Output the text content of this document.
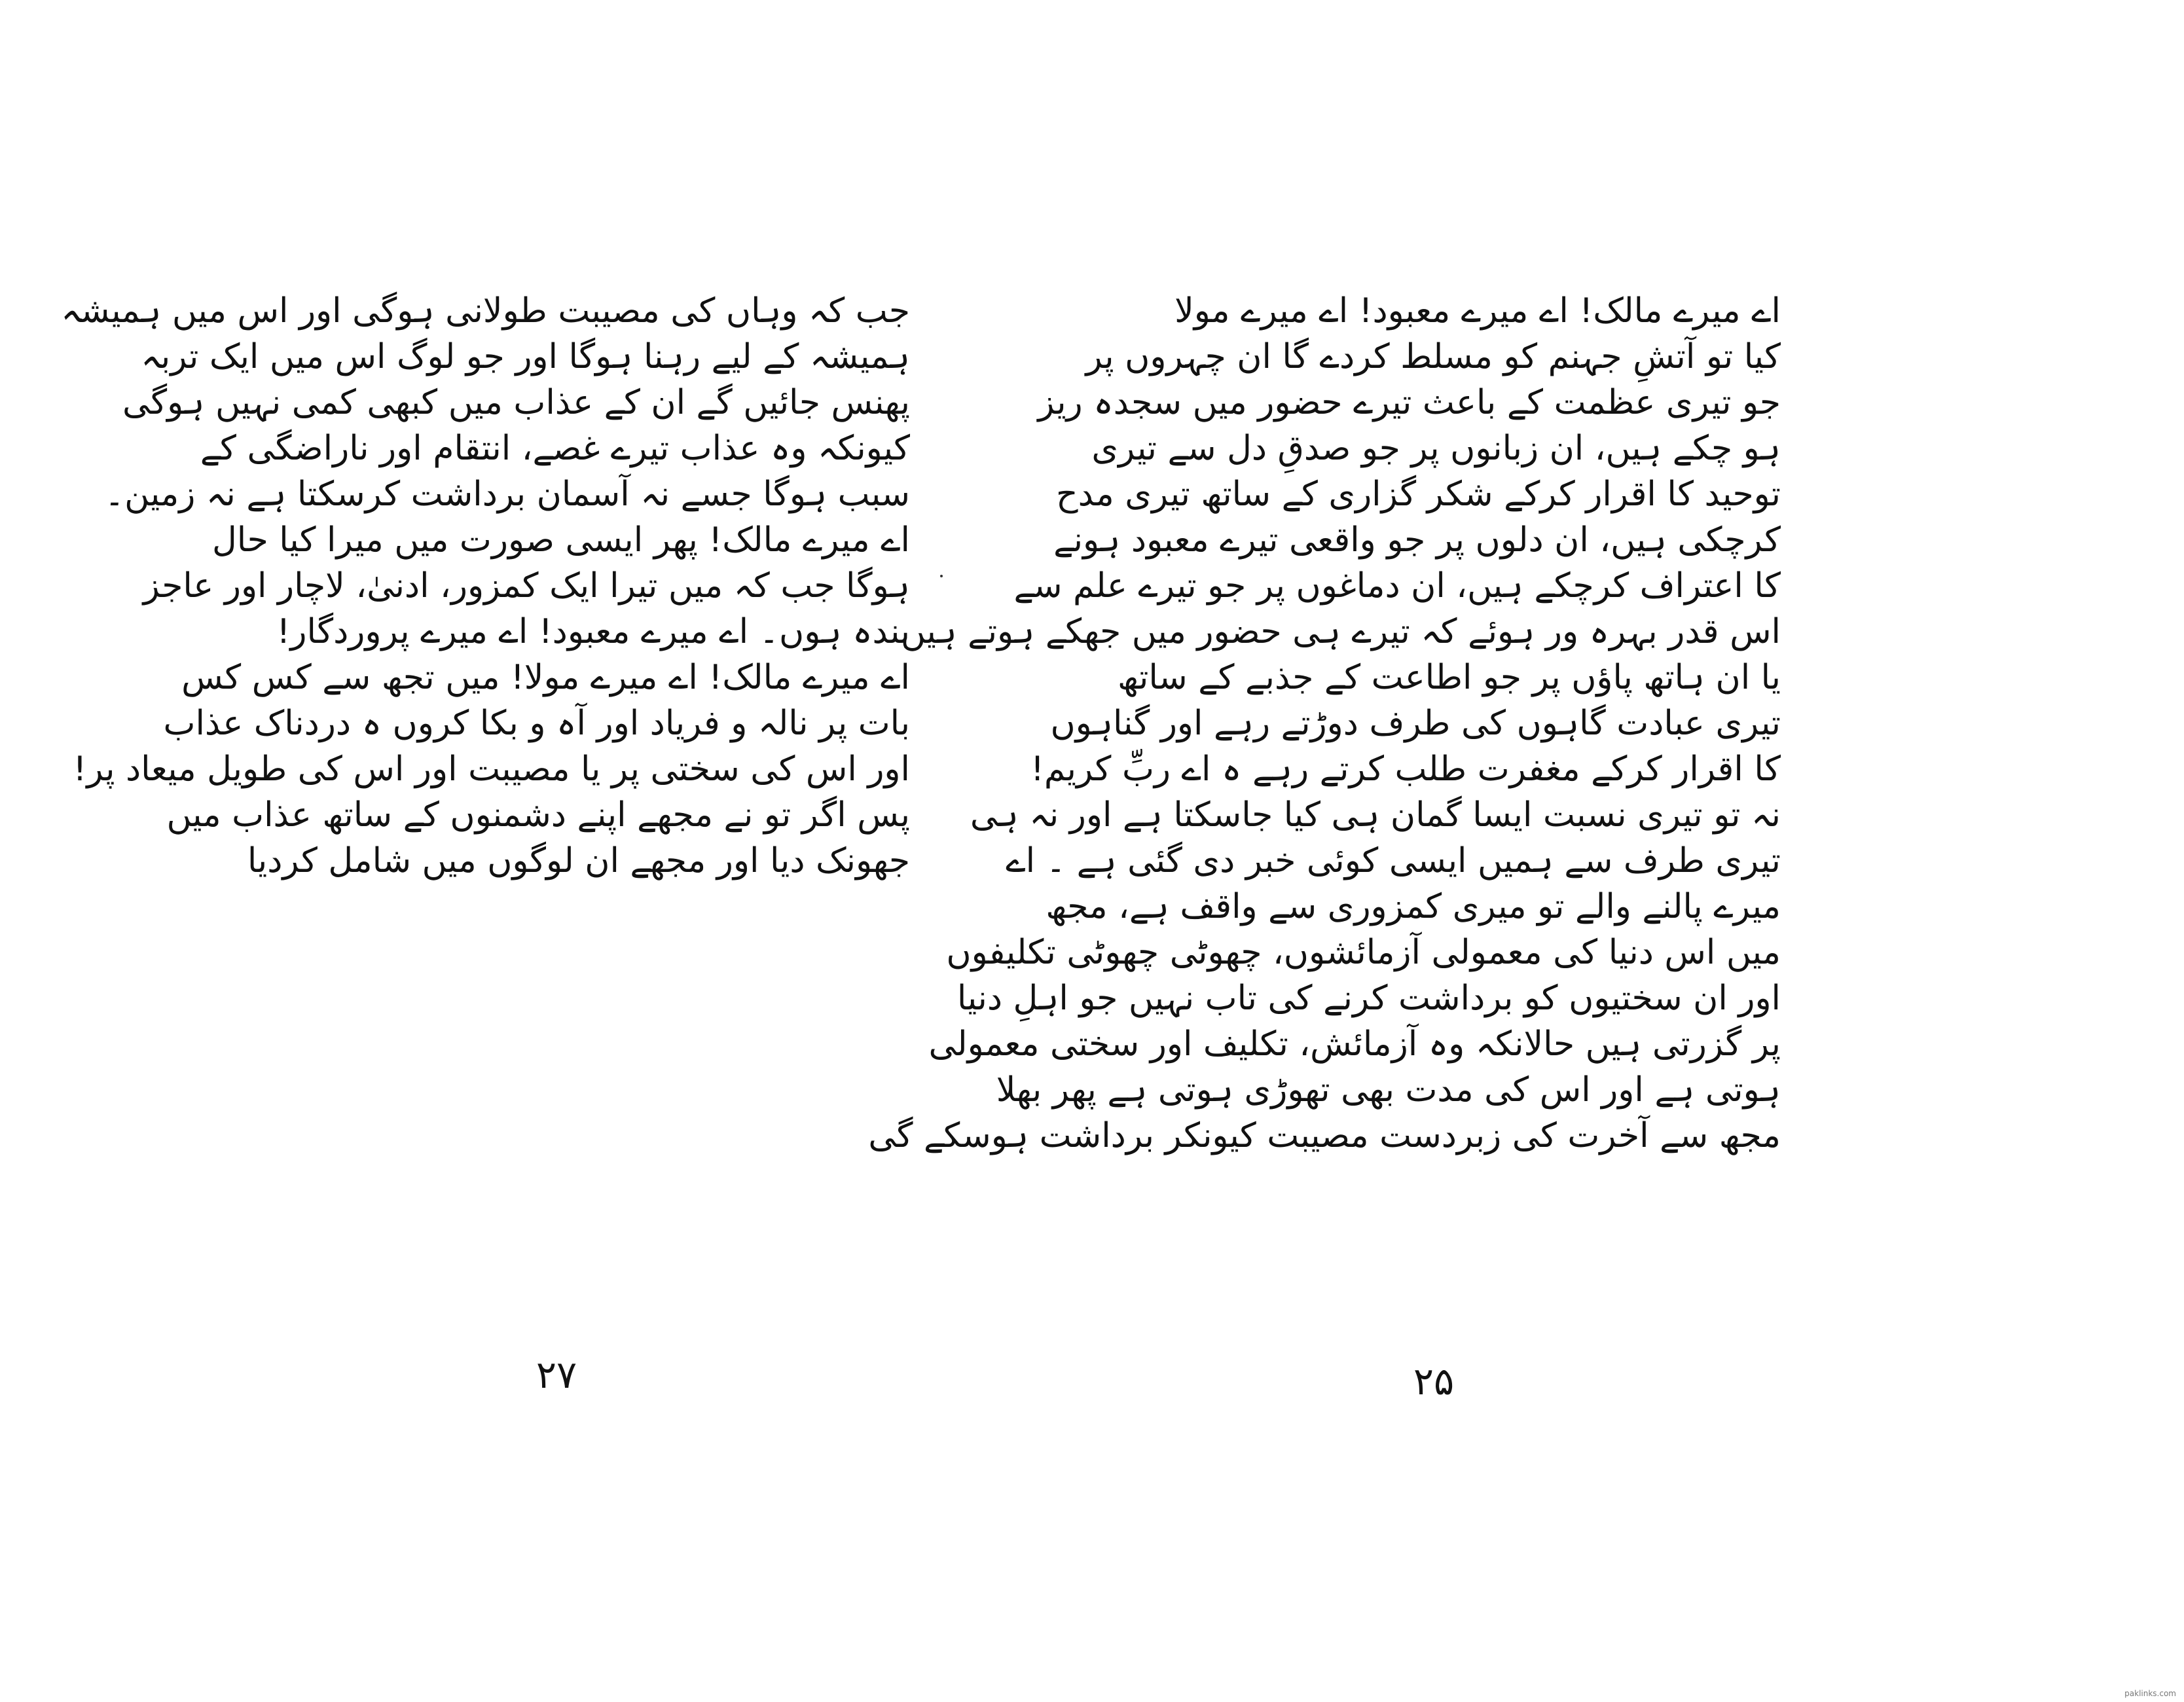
جب کہ وہاں کی مصیبت طولانی ہوگی اور اس میں ہمیشہ
ہمیشہ کے لیے رہنا ہوگا اور جو لوگ اس میں ایک تربہ
پھنس جائیں گے ان کے عذاب میں کبھی کمی نہیں ہوگی
کیونکہ وہ عذاب تیرے غصے، انتقام اور ناراضگی کے
سبب ہوگا جسے نہ آسمان برداشت کرسکتا ہے نہ زمین۔
اے میرے مالک! پھر ایسی صورت میں میرا کیا حال
ہوگا جب کہ میں تیرا ایک کمزور، ادنیٰ، لاچار اور عاجز
بندہ ہوں۔ اے میرے معبود! اے میرے پروردگار!
اے میرے مالک! اے میرے مولا! میں تجھ سے کس کس
بات پر نالہ و فریاد اور آہ و بکا کروں ہ دردناک عذاب
اور اس کی سختی پر یا مصیبت اور اس کی طویل میعاد پر!
پس اگر تو نے مجھے اپنے دشمنوں کے ساتھ عذاب میں
جھونک دیا اور مجھے ان لوگوں میں شامل کردیا
اے میرے مالک! اے میرے معبود! اے میرے مولا
کیا تو آتشِ جہنم کو مسلط کردے گا ان چہروں پر
جو تیری عظمت کے باعث تیرے حضور میں سجدہ ریز
ہو چکے ہیں، ان زبانوں پر جو صدقِ دل سے تیری
توحید کا اقرار کرکے شکر گزاری کے ساتھ تیری مدح
کرچکی ہیں، ان دلوں پر جو واقعی تیرے معبود ہونے
کا اعتراف کرچکے ہیں، ان دماغوں پر جو تیرے علم سے
اس قدر بہرہ ور ہوئے کہ تیرے ہی حضور میں جھکے ہوتے ہیں
یا ان ہاتھ پاؤں پر جو اطاعت کے جذبے کے ساتھ
تیری عبادت گاہوں کی طرف دوڑتے رہے اور گناہوں
کا اقرار کرکے مغفرت طلب کرتے رہے ہ اے ربِّ کریم!
نہ تو تیری نسبت ایسا گمان ہی کیا جاسکتا ہے اور نہ ہی
تیری طرف سے ہمیں ایسی کوئی خبر دی گئی ہے ۔ اے
میرے پالنے والے تو میری کمزوری سے واقف ہے، مجھ
میں اس دنیا کی معمولی آزمائشوں، چھوٹی چھوٹی تکلیفوں
اور ان سختیوں کو برداشت کرنے کی تاب نہیں جو اہلِ دنیا
پر گزرتی ہیں حالانکہ وہ آزمائش، تکلیف اور سختی معمولی
ہوتی ہے اور اس کی مدت بھی تھوڑی ہوتی ہے پھر بھلا
مجھ سے آخرت کی زبردست مصیبت کیونکر برداشت ہوسکے گی
۲۷	۲۵
paklinks.com
